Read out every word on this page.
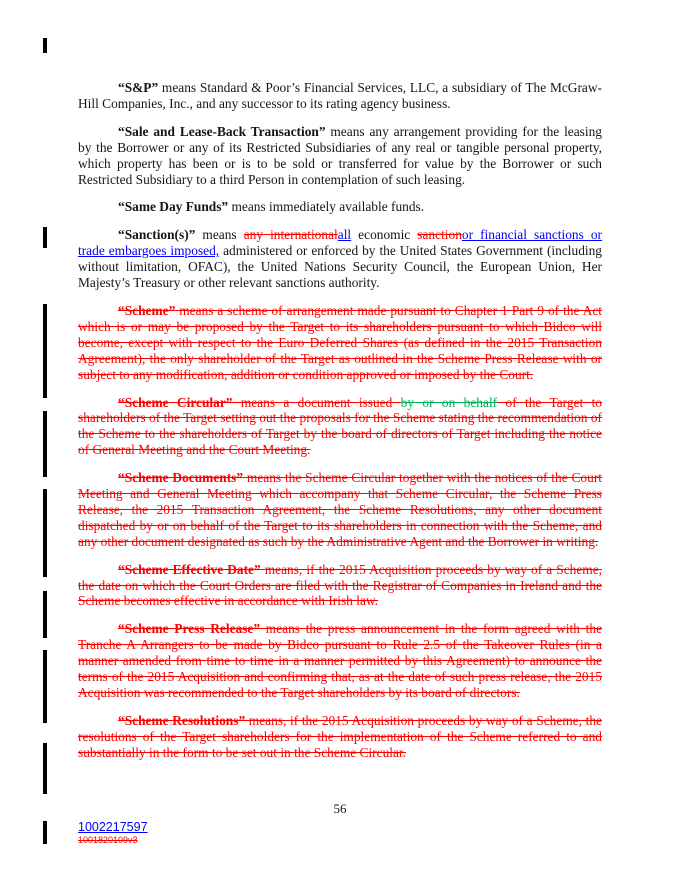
“S&P” means Standard & Poor’s Financial Services, LLC, a subsidiary of The McGraw-Hill Companies, Inc., and any successor to its rating agency business.

“Sale and Lease-Back Transaction” means any arrangement providing for the leasing by the Borrower or any of its Restricted Subsidiaries of any real or tangible personal property, which property has been or is to be sold or transferred for value by the Borrower or such Restricted Subsidiary to a third Person in contemplation of such leasing.

“Same Day Funds” means immediately available funds.

“Sanction(s)” means any internationalall economic sanctionor financial sanctions or trade embargoes imposed, administered or enforced by the United States Government (including without limitation, OFAC), the United Nations Security Council, the European Union, Her Majesty’s Treasury or other relevant sanctions authority.

“Scheme” means a scheme of arrangement made pursuant to Chapter 1 Part 9 of the Act which is or may be proposed by the Target to its shareholders pursuant to which Bidco will become, except with respect to the Euro Deferred Shares (as defined in the 2015 Transaction Agreement), the only shareholder of the Target as outlined in the Scheme Press Release with or subject to any modification, addition or condition approved or imposed by the Court.

“Scheme Circular” means a document issued by or on behalf of the Target to shareholders of the Target setting out the proposals for the Scheme stating the recommendation of the Scheme to the shareholders of Target by the board of directors of Target including the notice of General Meeting and the Court Meeting.

“Scheme Documents” means the Scheme Circular together with the notices of the Court Meeting and General Meeting which accompany that Scheme Circular, the Scheme Press Release, the 2015 Transaction Agreement, the Scheme Resolutions, any other document dispatched by or on behalf of the Target to its shareholders in connection with the Scheme, and any other document designated as such by the Administrative Agent and the Borrower in writing.

“Scheme Effective Date” means, if the 2015 Acquisition proceeds by way of a Scheme, the date on which the Court Orders are filed with the Registrar of Companies in Ireland and the Scheme becomes effective in accordance with Irish law.

“Scheme Press Release” means the press announcement in the form agreed with the Tranche A Arrangers to be made by Bidco pursuant to Rule 2.5 of the Takeover Rules (in a manner amended from time to time in a manner permitted by this Agreement) to announce the terms of the 2015 Acquisition and confirming that, as at the date of such press release, the 2015 Acquisition was recommended to the Target shareholders by its board of directors.

“Scheme Resolutions” means, if the 2015 Acquisition proceeds by way of a Scheme, the resolutions of the Target shareholders for the implementation of the Scheme referred to and substantially in the form to be set out in the Scheme Circular.

56
1002217597
1001820109v3
